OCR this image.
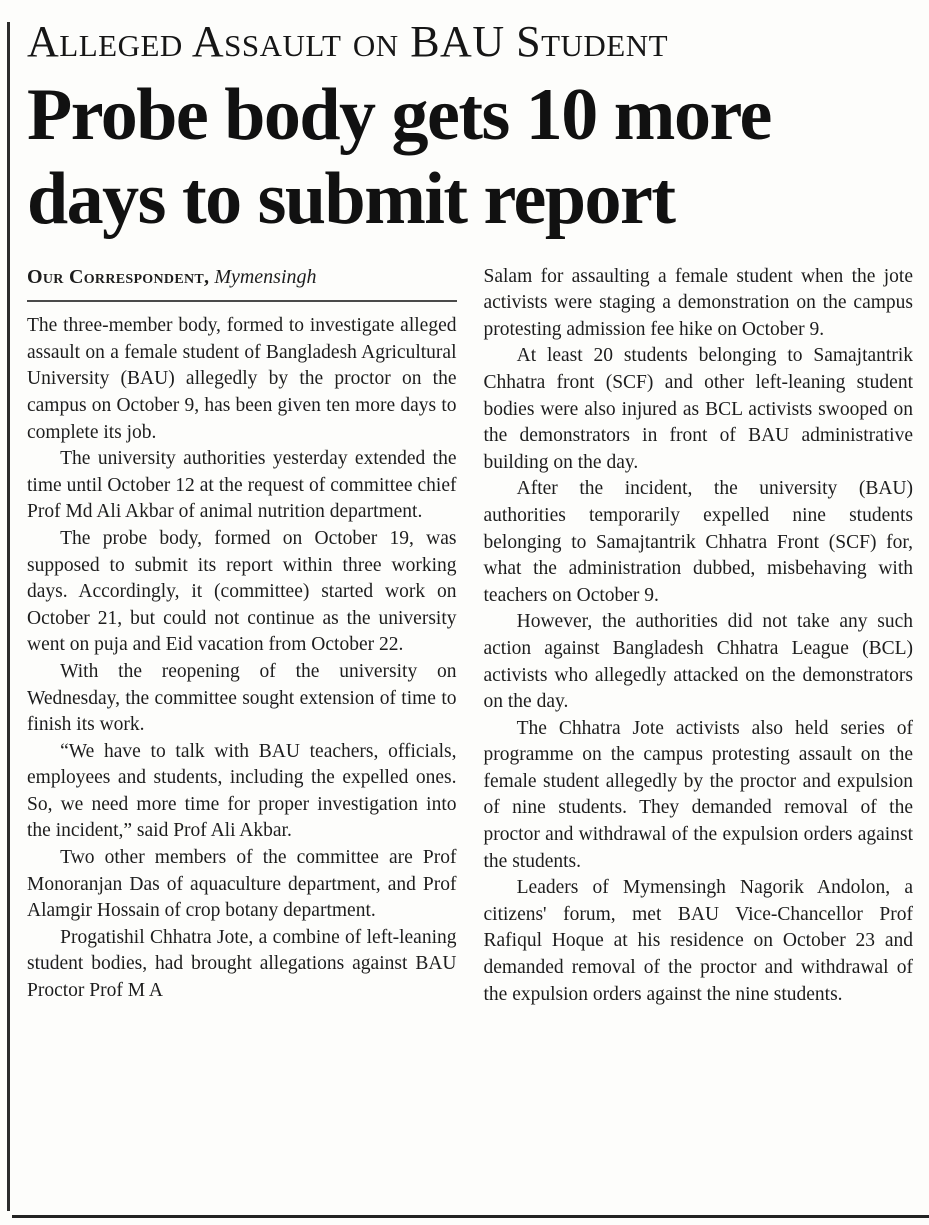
Alleged Assault on BAU Student
Probe body gets 10 more days to submit report
Our Correspondent, Mymensingh

The three-member body, formed to investigate alleged assault on a female student of Bangladesh Agricultural University (BAU) allegedly by the proctor on the campus on October 9, has been given ten more days to complete its job.

The university authorities yesterday extended the time until October 12 at the request of committee chief Prof Md Ali Akbar of animal nutrition department.

The probe body, formed on October 19, was supposed to submit its report within three working days. Accordingly, it (committee) started work on October 21, but could not continue as the university went on puja and Eid vacation from October 22.

With the reopening of the university on Wednesday, the committee sought extension of time to finish its work.

“We have to talk with BAU teachers, officials, employees and students, including the expelled ones. So, we need more time for proper investigation into the incident,” said Prof Ali Akbar.

Two other members of the committee are Prof Monoranjan Das of aquaculture department, and Prof Alamgir Hossain of crop botany department.

Progatishil Chhatra Jote, a combine of left-leaning student bodies, had brought allegations against BAU Proctor Prof M A

Salam for assaulting a female student when the jote activists were staging a demonstration on the campus protesting admission fee hike on October 9.

At least 20 students belonging to Samajtantrik Chhatra front (SCF) and other left-leaning student bodies were also injured as BCL activists swooped on the demonstrators in front of BAU administrative building on the day.

After the incident, the university (BAU) authorities temporarily expelled nine students belonging to Samajtantrik Chhatra Front (SCF) for, what the administration dubbed, misbehaving with teachers on October 9.

However, the authorities did not take any such action against Bangladesh Chhatra League (BCL) activists who allegedly attacked on the demonstrators on the day.

The Chhatra Jote activists also held series of programme on the campus protesting assault on the female student allegedly by the proctor and expulsion of nine students. They demanded removal of the proctor and withdrawal of the expulsion orders against the students.

Leaders of Mymensingh Nagorik Andolon, a citizens' forum, met BAU Vice-Chancellor Prof Rafiqul Hoque at his residence on October 23 and demanded removal of the proctor and withdrawal of the expulsion orders against the nine students.
